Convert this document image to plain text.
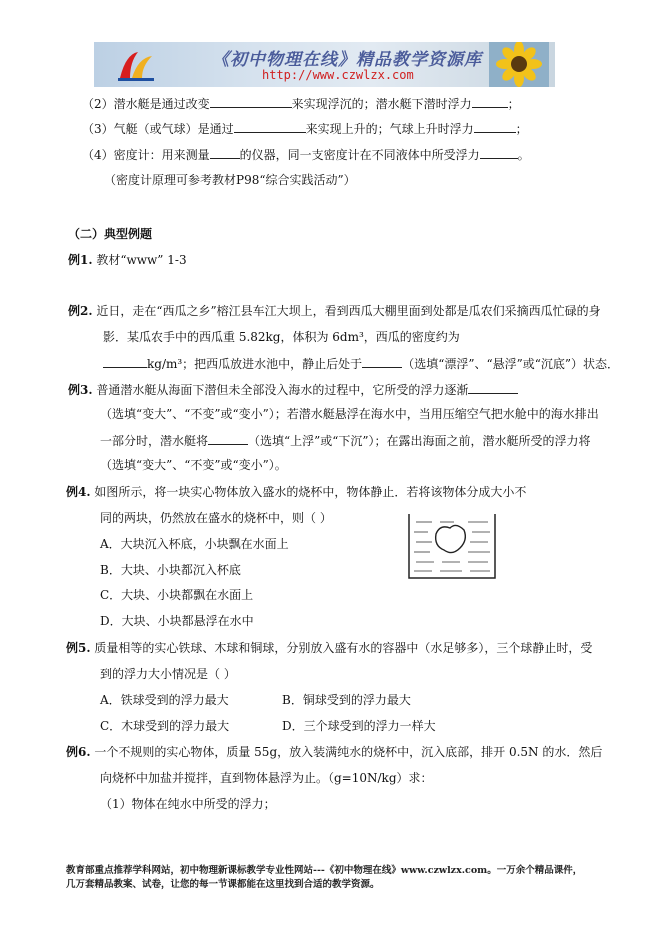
《初中物理在线》精品教学资源库
http://www.czwlzx.com
（2）潜水艇是通过改变	来实现浮沉的；潜水艇下潜时浮力	；
（3）气艇（或气球）是通过	来实现上升的；气球上升时浮力	；
（4）密度计：用来测量	的仪器，同一支密度计在不同液体中所受浮力	。
（密度计原理可参考教材P98“综合实践活动”）
（二）典型例题
例1. 教材“www” 1-3
例2. 近日，走在“西瓜之乡”榕江县车江大坝上，看到西瓜大棚里面到处都是瓜农们采摘西瓜忙碌的身
影．某瓜农手中的西瓜重 5.82kg，体积为 6dm³，西瓜的密度约为
kg/m³；把西瓜放进水池中，静止后处于	（选填“漂浮”、“悬浮”或“沉底”）状态．
例3. 普通潜水艇从海面下潜但未全部没入海水的过程中，它所受的浮力逐渐
（选填“变大”、“不变”或“变小”）；若潜水艇悬浮在海水中，当用压缩空气把水舱中的海水排出
一部分时，潜水艇将	（选填“上浮”或“下沉”）；在露出海面之前，潜水艇所受的浮力将
（选填“变大”、“不变”或“变小”）。
例4. 如图所示，将一块实心物体放入盛水的烧杯中，物体静止．若将该物体分成大小不
同的两块，仍然放在盛水的烧杯中，则（ ）
A．大块沉入杯底，小块飘在水面上
B．大块、小块都沉入杯底
C．大块、小块都飘在水面上
D．大块、小块都悬浮在水中
例5. 质量相等的实心铁球、木球和铜球，分别放入盛有水的容器中（水足够多），三个球静止时，受
到的浮力大小情况是（ ）
A．铁球受到的浮力最大	B．铜球受到的浮力最大
C．木球受到的浮力最大	D．三个球受到的浮力一样大
例6. 一个不规则的实心物体，质量 55g，放入装满纯水的烧杯中，沉入底部，排开 0.5N 的水．然后
向烧杯中加盐并搅拌，直到物体悬浮为止。（g=10N/kg）求：
（1）物体在纯水中所受的浮力；
教育部重点推荐学科网站，初中物理新课标教学专业性网站---《初中物理在线》www.czwlzx.com。一万余个精品课件，
几万套精品教案、试卷，让您的每一节课都能在这里找到合适的教学资源。
